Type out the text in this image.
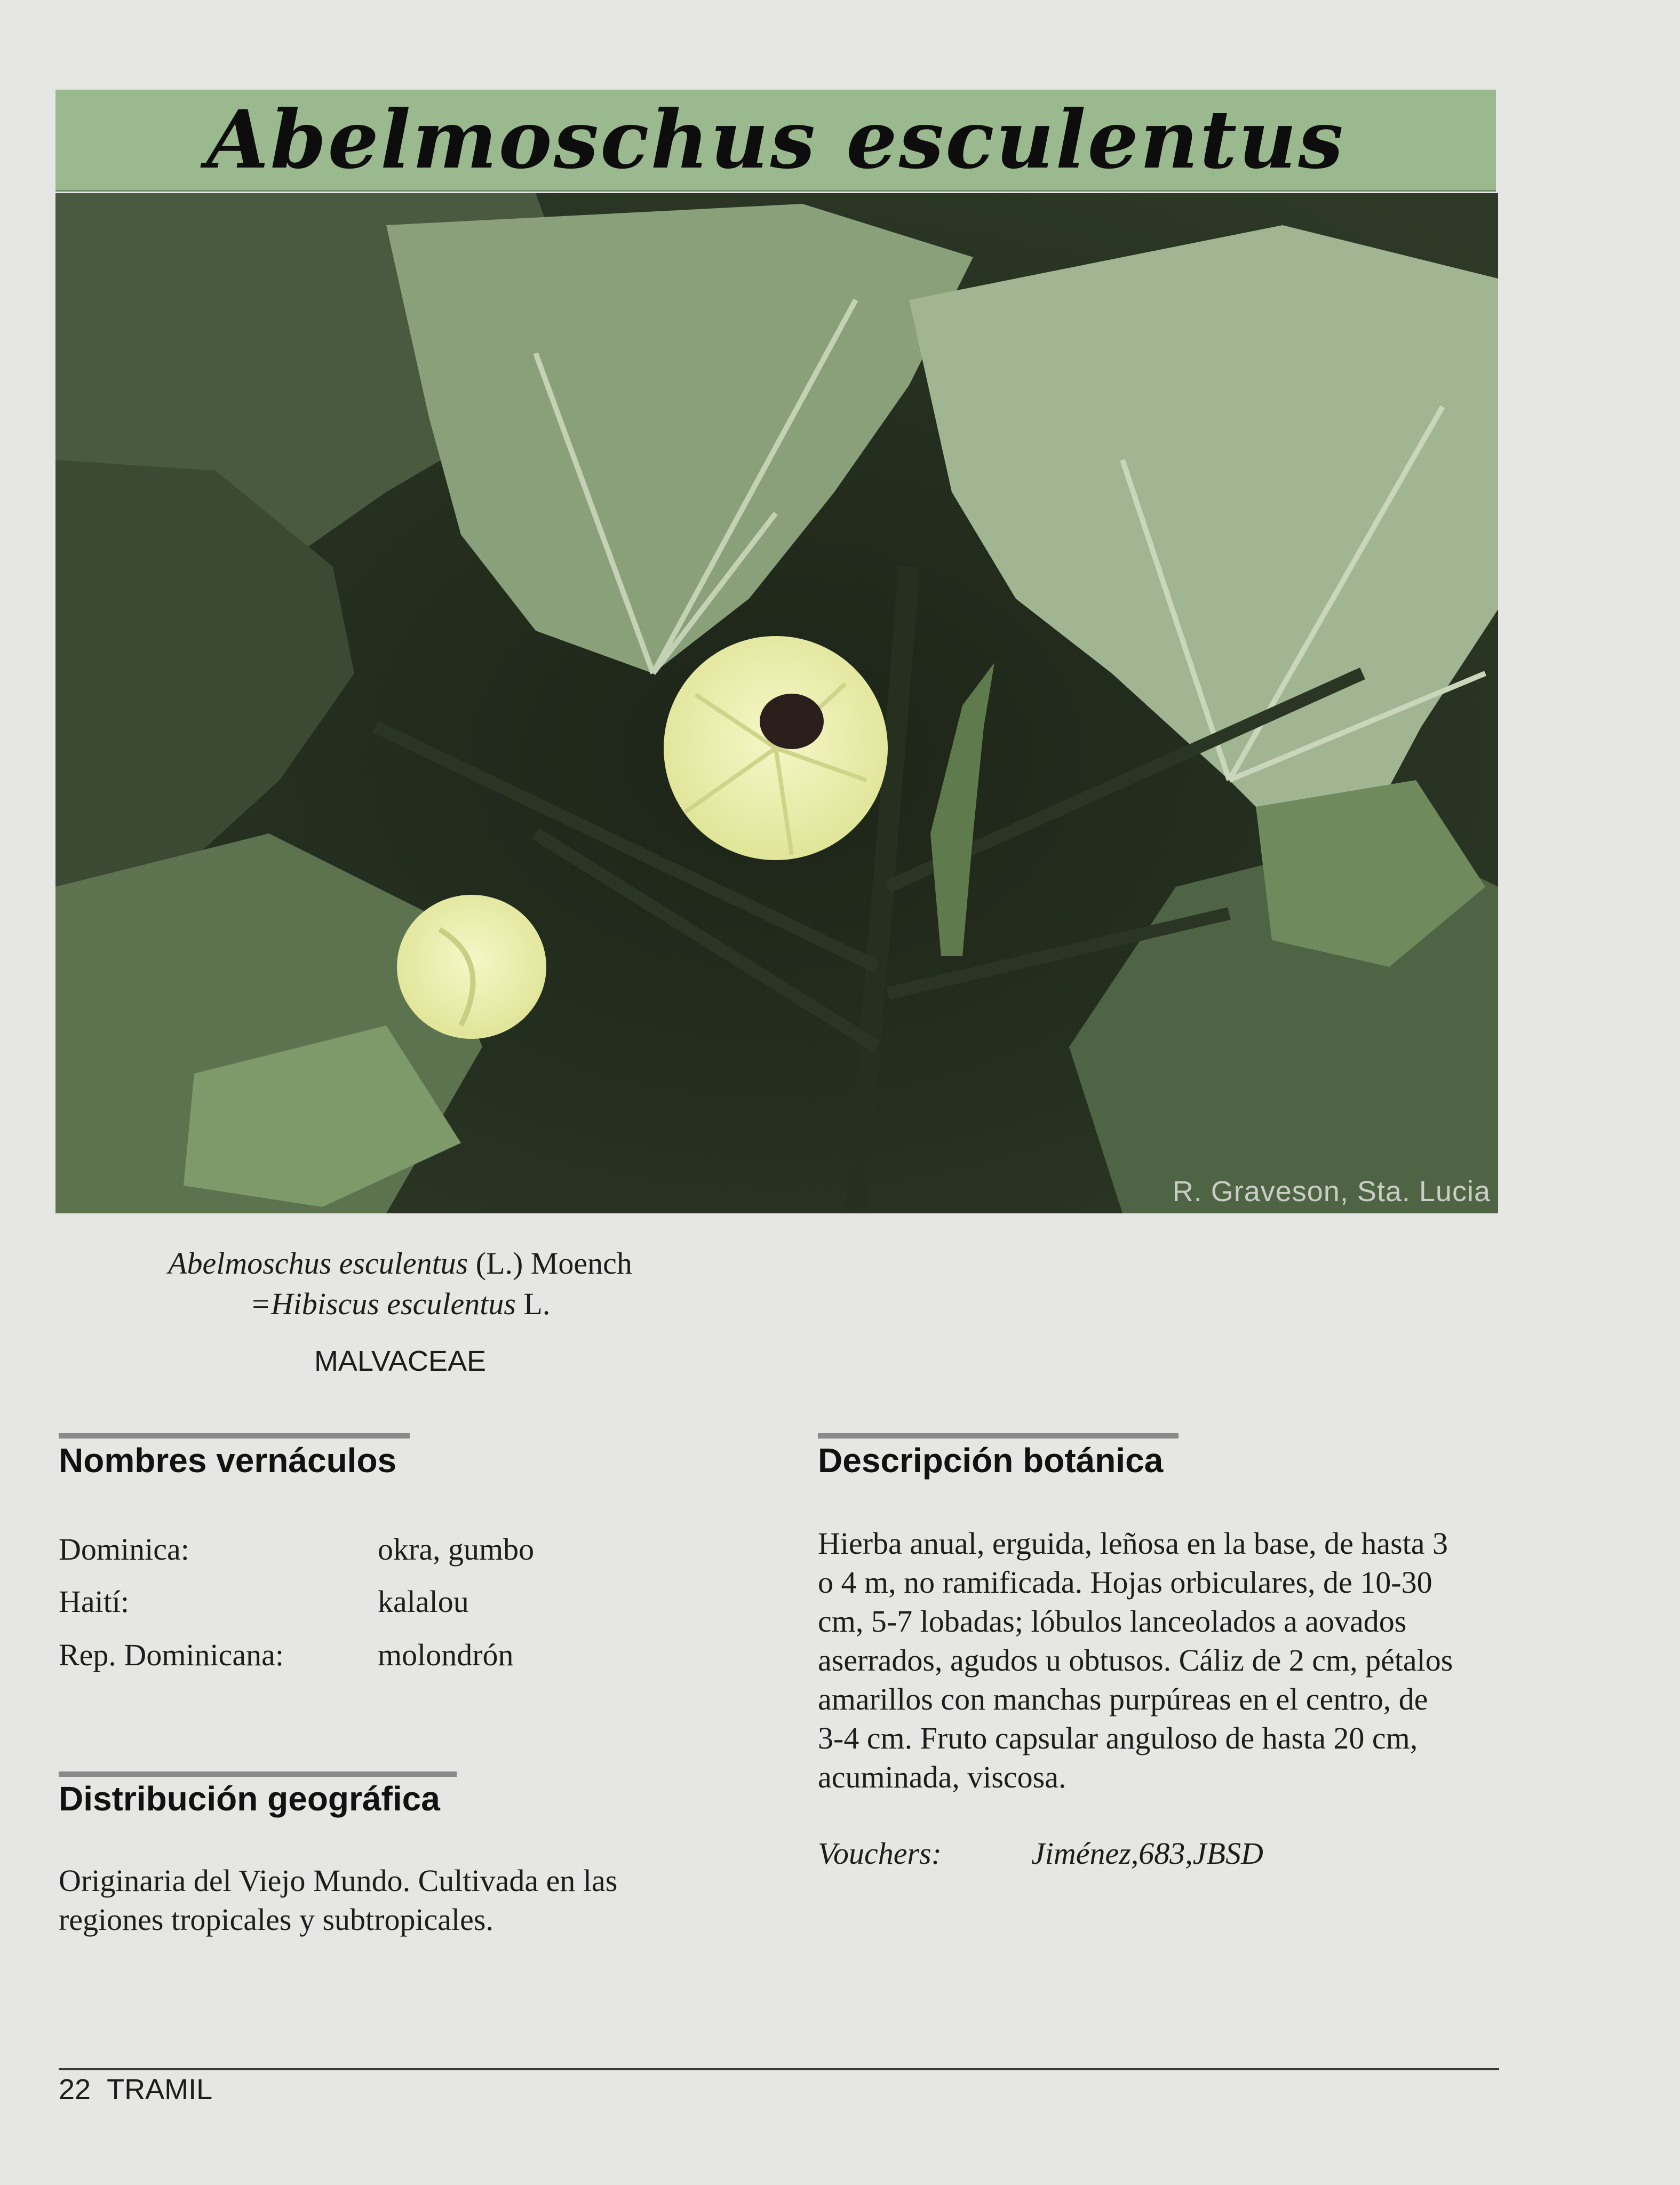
Abelmoschus esculentus
R. Graveson, Sta. Lucia
Abelmoschus esculentus (L.) Moench
=Hibiscus esculentus L.
MALVACEAE
Nombres vernáculos
Dominica:	okra, gumbo
Haití:	kalalou
Rep. Dominicana:	molondrón
Distribución geográfica
Originaria del Viejo Mundo. Cultivada en las
regiones tropicales y subtropicales.
Descripción botánica
Hierba anual, erguida, leñosa en la base, de hasta 3
o 4 m, no ramificada. Hojas orbiculares, de 10-30
cm, 5-7 lobadas; lóbulos lanceolados a aovados
aserrados, agudos u obtusos. Cáliz de 2 cm, pétalos
amarillos con manchas purpúreas en el centro, de
3-4 cm. Fruto capsular anguloso de hasta 20 cm,
acuminada, viscosa.
Vouchers:	Jiménez,683,JBSD
22 TRAMIL
